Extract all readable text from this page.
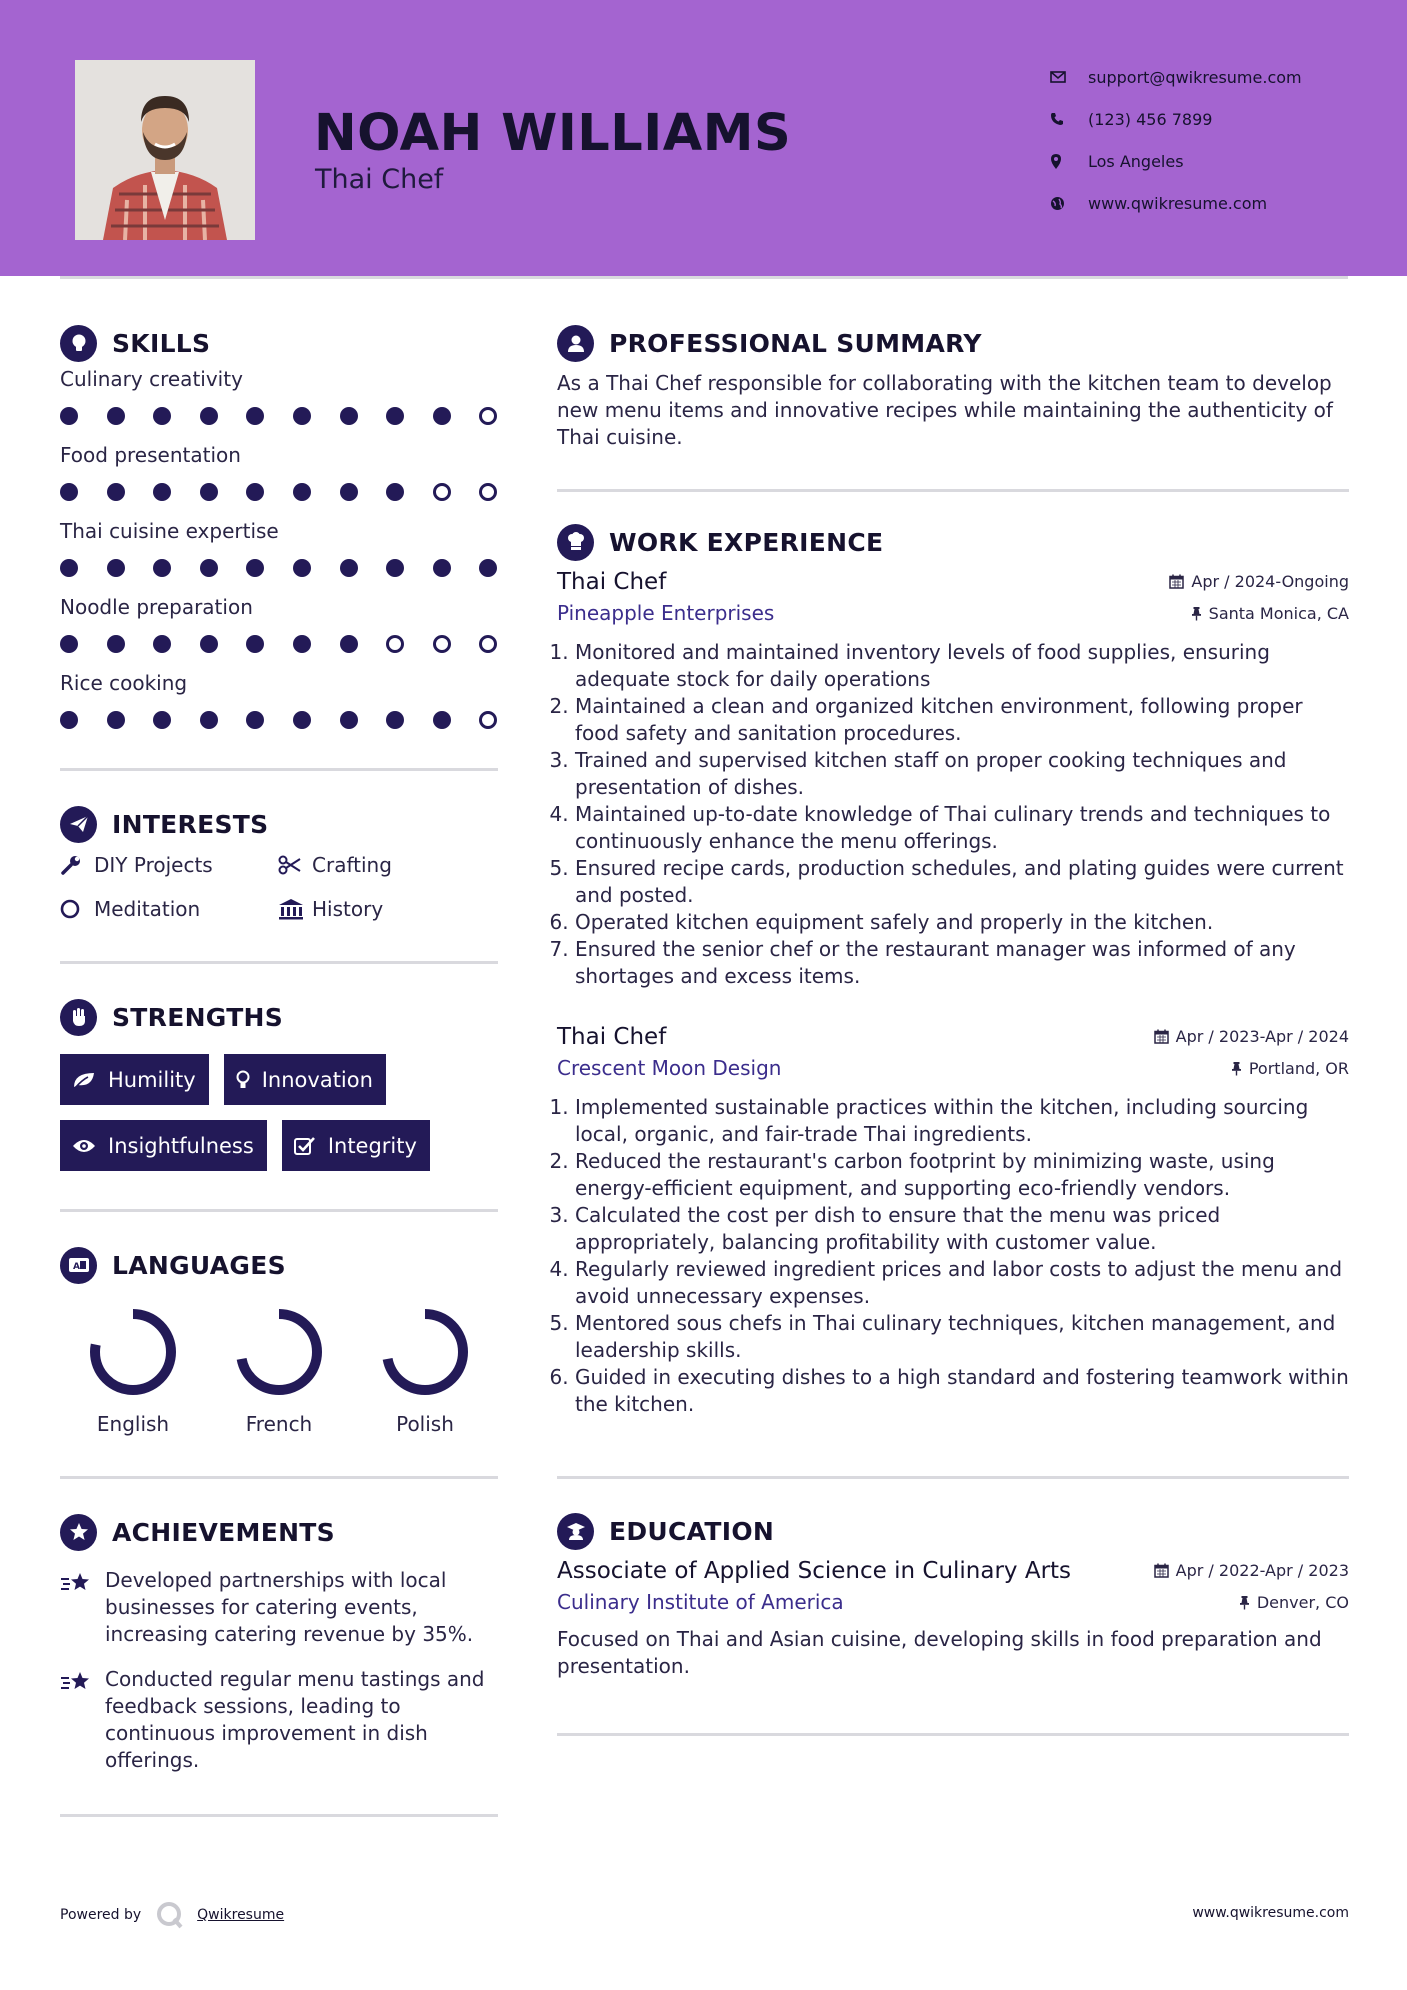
NOAH WILLIAMS
Thai Chef
support@qwikresume.com
(123) 456 7899
Los Angeles
www.qwikresume.com
SKILLS
Culinary creativity
Food presentation
Thai cuisine expertise
Noodle preparation
Rice cooking
INTERESTS
DIY Projects	Crafting
Meditation	History
STRENGTHS
Humility	Innovation
Insightfulness	Integrity
A LANGUAGES
English	French	Polish
ACHIEVEMENTS
Developed partnerships with local businesses for catering events, increasing catering revenue by 35%.
Conducted regular menu tastings and feedback sessions, leading to continuous improvement in dish offerings.
PROFESSIONAL SUMMARY
As a Thai Chef responsible for collaborating with the kitchen team to develop new menu items and innovative recipes while maintaining the authenticity of Thai cuisine.
WORK EXPERIENCE
Thai Chef	Apr / 2024-Ongoing
Pineapple Enterprises	Santa Monica, CA
1. Monitored and maintained inventory levels of food supplies, ensuring adequate stock for daily operations
2. Maintained a clean and organized kitchen environment, following proper food safety and sanitation procedures.
3. Trained and supervised kitchen staff on proper cooking techniques and presentation of dishes.
4. Maintained up-to-date knowledge of Thai culinary trends and techniques to continuously enhance the menu offerings.
5. Ensured recipe cards, production schedules, and plating guides were current and posted.
6. Operated kitchen equipment safely and properly in the kitchen.
7. Ensured the senior chef or the restaurant manager was informed of any shortages and excess items.
Thai Chef	Apr / 2023-Apr / 2024
Crescent Moon Design	Portland, OR
1. Implemented sustainable practices within the kitchen, including sourcing local, organic, and fair-trade Thai ingredients.
2. Reduced the restaurant's carbon footprint by minimizing waste, using energy-efficient equipment, and supporting eco-friendly vendors.
3. Calculated the cost per dish to ensure that the menu was priced appropriately, balancing profitability with customer value.
4. Regularly reviewed ingredient prices and labor costs to adjust the menu and avoid unnecessary expenses.
5. Mentored sous chefs in Thai culinary techniques, kitchen management, and leadership skills.
6. Guided in executing dishes to a high standard and fostering teamwork within the kitchen.
EDUCATION
Associate of Applied Science in Culinary Arts	Apr / 2022-Apr / 2023
Culinary Institute of America	Denver, CO
Focused on Thai and Asian cuisine, developing skills in food preparation and presentation.
Powered by	Qwikresume	www.qwikresume.com
